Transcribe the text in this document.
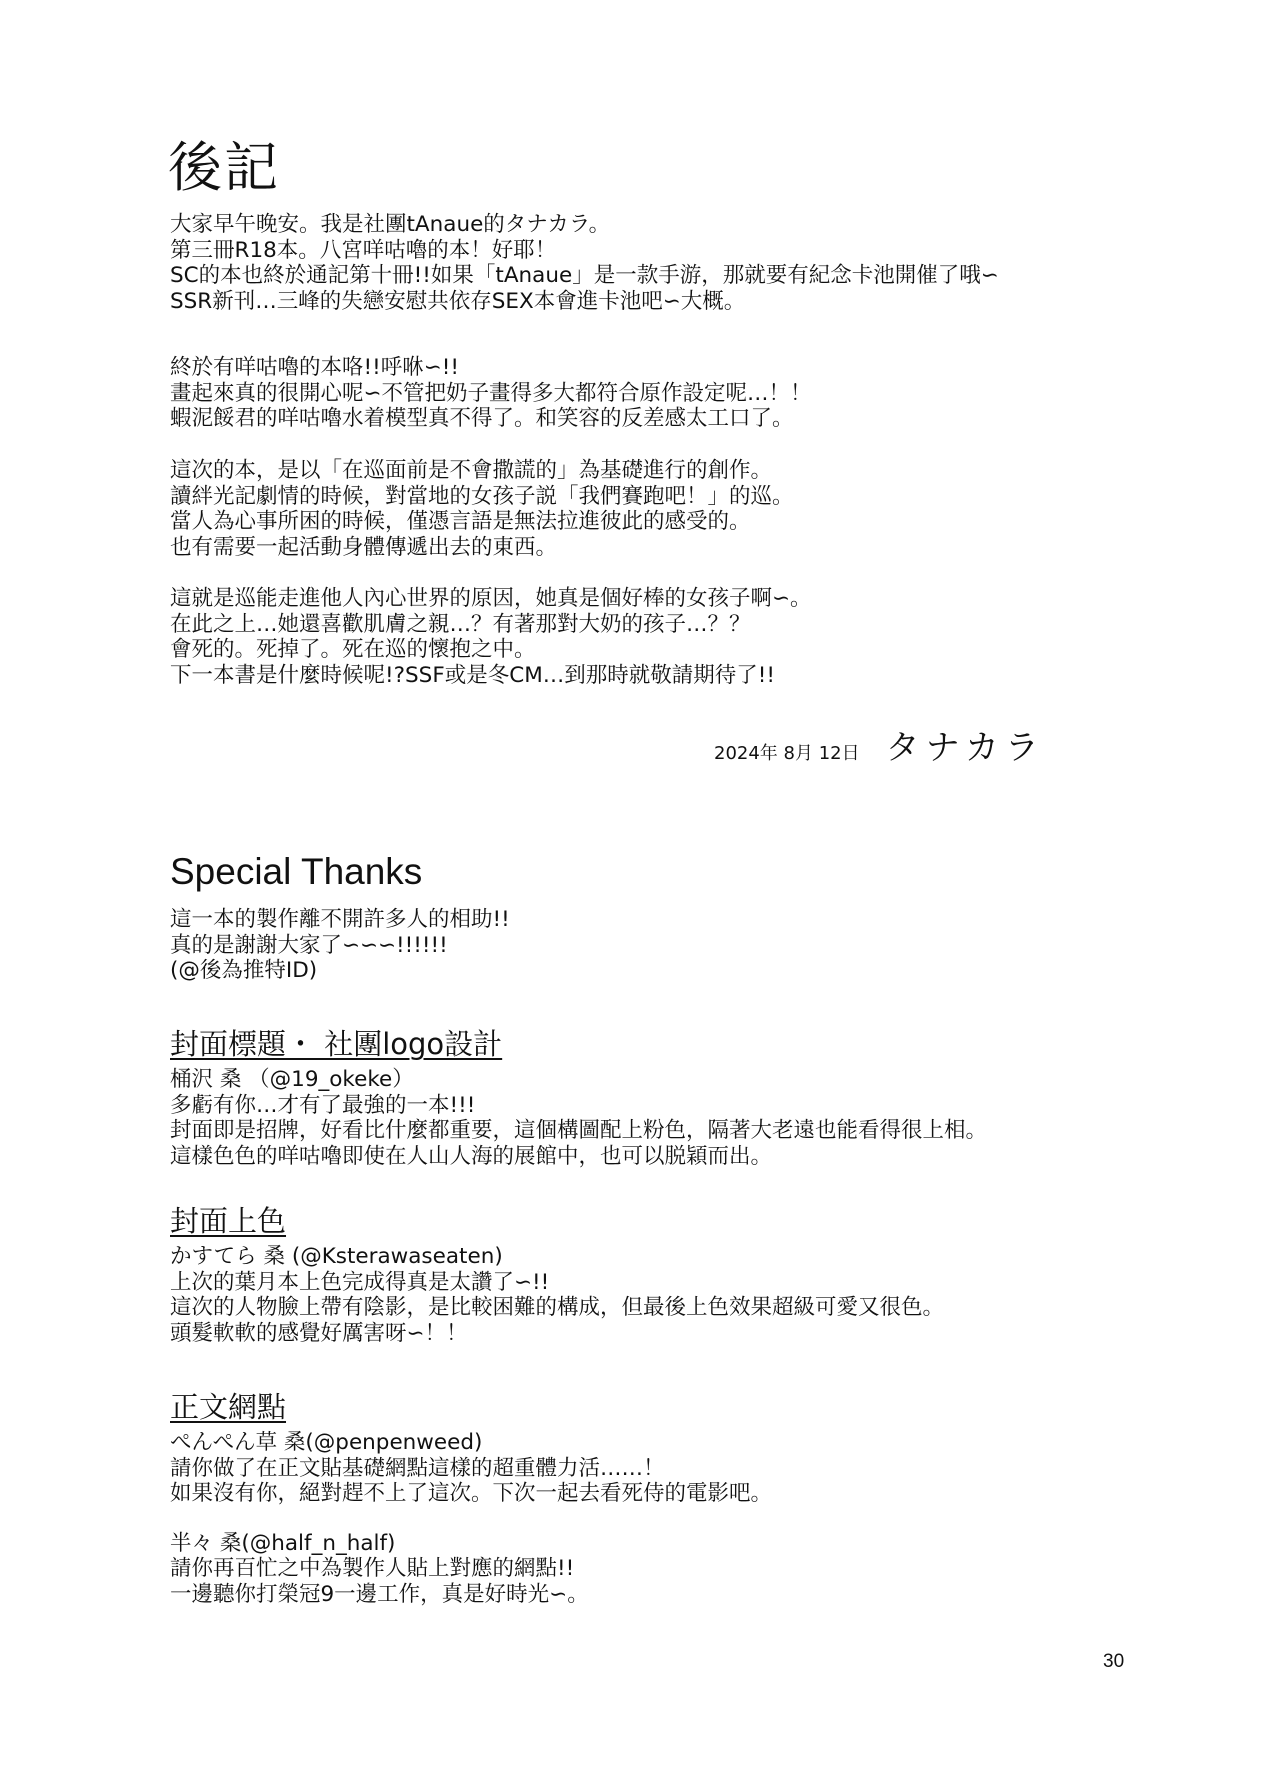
後記
大家早午晚安。我是社團tAnaue的タナカラ。
第三冊R18本。八宮咩咕嚕的本！好耶！
SC的本也終於通記第十冊!!如果「tAnaue」是一款手游，那就要有紀念卡池開催了哦∽
SSR新刊…三峰的失戀安慰共依存SEX本會進卡池吧∽大概。
終於有咩咕嚕的本咯!!呼咻∽!!
畫起來真的很開心呢∽不管把奶子畫得多大都符合原作設定呢…！！
蝦泥餒君的咩咕嚕水着模型真不得了。和笑容的反差感太工口了。
這次的本，是以「在巡面前是不會撒謊的」為基礎進行的創作。
讀絆光記劇情的時候，對當地的女孩子説「我們賽跑吧！」的巡。
當人為心事所困的時候，僅憑言語是無法拉進彼此的感受的。
也有需要一起活動身體傳遞出去的東西。
這就是巡能走進他人內心世界的原因，她真是個好棒的女孩子啊∽。
在此之上…她還喜歡肌膚之親…？有著那對大奶的孩子…？？
會死的。死掉了。死在巡的懷抱之中。
下一本書是什麼時候呢!?SSF或是冬CM…到那時就敬請期待了!!
2024年 8月 12日 タナカラ
Special Thanks
這一本的製作離不開許多人的相助!!
真的是謝謝大家了∽∽∽!!!!!!
(@後為推特ID)
封面標題・ 社團logo設計
桶沢 桑 （@19_okeke）
多虧有你…才有了最強的一本!!!
封面即是招牌，好看比什麼都重要，這個構圖配上粉色，隔著大老遠也能看得很上相。
這樣色色的咩咕嚕即使在人山人海的展館中，也可以脱穎而出。
封面上色
かすてら 桑 (@Ksterawaseaten)
上次的葉月本上色完成得真是太讚了∽!!
這次的人物臉上帶有陰影，是比較困難的構成，但最後上色效果超級可愛又很色。
頭髮軟軟的感覺好厲害呀∽！！
正文網點
ぺんぺん草 桑(@penpenweed)
請你做了在正文貼基礎網點這樣的超重體力活……！
如果沒有你，絕對趕不上了這次。下次一起去看死侍的電影吧。
半々 桑(@half_n_half)
請你再百忙之中為製作人貼上對應的網點!!
一邊聽你打榮冠9一邊工作，真是好時光∽。
30
